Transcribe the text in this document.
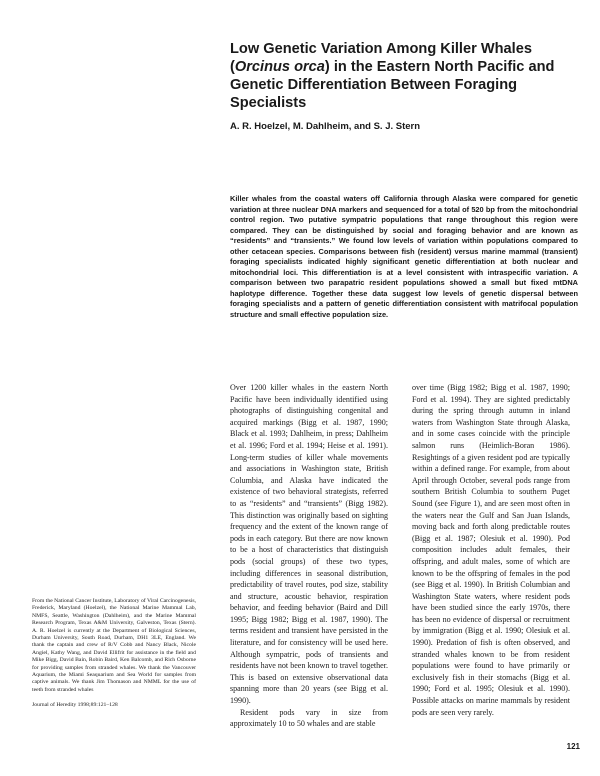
Low Genetic Variation Among Killer Whales (Orcinus orca) in the Eastern North Pacific and Genetic Differentiation Between Foraging Specialists

A. R. Hoelzel, M. Dahlheim, and S. J. Stern

Killer whales from the coastal waters off California through Alaska were compared for genetic variation at three nuclear DNA markers and sequenced for a total of 520 bp from the mitochondrial control region. Two putative sympatric populations that range throughout this region were compared. They can be distinguished by social and foraging behavior and are known as “residents” and “transients.” We found low levels of variation within populations compared to other cetacean species. Comparisons between fish (resident) versus marine mammal (transient) foraging specialists indicated highly significant genetic differentiation at both nuclear and mitochondrial loci. This differentiation is at a level consistent with intraspecific variation. A comparison between two parapatric resident populations showed a small but fixed mtDNA haplotype difference. Together these data suggest low levels of genetic dispersal between foraging specialists and a pattern of genetic differentiation consistent with matrifocal population structure and small effective population size.

Over 1200 killer whales in the eastern North Pacific have been individually identified using photographs of distinguishing congenital and acquired markings (Bigg et al. 1987, 1990; Black et al. 1993; Dahlheim, in press; Dahlheim et al. 1996; Ford et al. 1994; Heise et al. 1991). Long-term studies of killer whale movements and associations in Washington state, British Columbia, and Alaska have indicated the existence of two behavioral strategists, referred to as “residents” and “transients” (Bigg 1982). This distinction was originally based on sighting frequency and the extent of the known range of pods in each category. But there are now known to be a host of characteristics that distinguish pods (social groups) of these two types, including differences in seasonal distribution, predictability of travel routes, pod size, stability and structure, acoustic behavior, respiration behavior, and feeding behavior (Baird and Dill 1995; Bigg 1982; Bigg et al. 1987, 1990). The terms resident and transient have persisted in the literature, and for consistency will be used here. Although sympatric, pods of transients and residents have not been known to travel together. This is based on extensive observational data spanning more than 20 years (see Bigg et al. 1990).

Resident pods vary in size from approximately 10 to 50 whales and are stable

over time (Bigg 1982; Bigg et al. 1987, 1990; Ford et al. 1994). They are sighted predictably during the spring through autumn in inland waters from Washington State through Alaska, and in some cases coincide with the principle salmon runs (Heimlich-Boran 1986). Resightings of a given resident pod are typically within a defined range. For example, from about April through October, several pods range from southern British Columbia to southern Puget Sound (see Figure 1), and are seen most often in the waters near the Gulf and San Juan Islands, moving back and forth along predictable routes (Bigg et al. 1987; Olesiuk et al. 1990). Pod composition includes adult females, their offspring, and adult males, some of which are known to be the offspring of females in the pod (see Bigg et al. 1990). In British Columbian and Washington State waters, where resident pods have been studied since the early 1970s, there has been no evidence of dispersal or recruitment by immigration (Bigg et al. 1990; Olesiuk et al. 1990). Predation of fish is often observed, and stranded whales known to be from resident populations were found to have primarily or exclusively fish in their stomachs (Bigg et al. 1990; Ford et al. 1995; Olesiuk et al. 1990). Possible attacks on marine mammals by resident pods are seen very rarely.

From the National Cancer Institute, Laboratory of Viral Carcinogenesis, Frederick, Maryland (Hoelzel), the National Marine Mammal Lab, NMFS, Seattle, Washington (Dahlheim), and the Marine Mammal Research Program, Texas A&M University, Galveston, Texas (Stern). A. R. Hoelzel is currently at the Department of Biological Sciences, Durham University, South Road, Durham, DH1 3LE, England. We thank the captain and crew of R/V Cobb and Nancy Black, Nicole Angiel, Kathy Wang, and David Ellifrit for assistance in the field and Mike Bigg, David Bain, Robin Baird, Ken Balcomb, and Rich Osborne for providing samples from stranded whales. We thank the Vancouver Aquarium, the Miami Seaquarium and Sea World for samples from captive animals. We thank Jim Thomason and NMML for the use of teeth from stranded whales

Journal of Heredity 1998;89:121–128

121
